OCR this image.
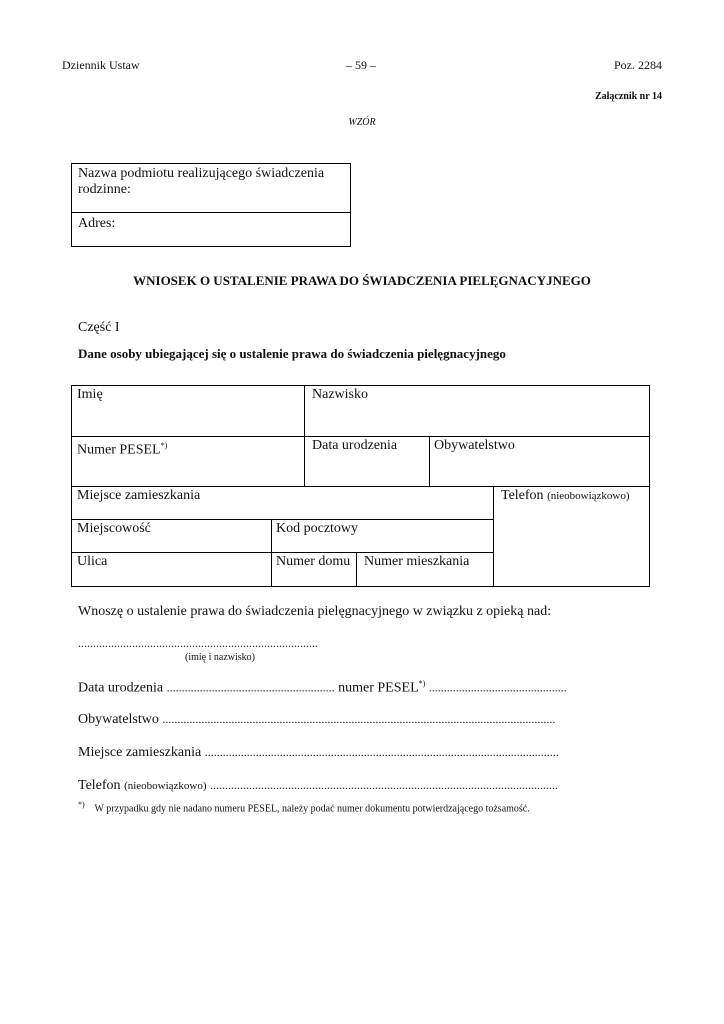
Dziennik Ustaw	– 59 –	Poz. 2284
Załącznik nr 14
WZÓR
Nazwa podmiotu realizującego świadczenia
rodzinne:
Adres:
WNIOSEK O USTALENIE PRAWA DO ŚWIADCZENIA PIELĘGNACYJNEGO
Część I
Dane osoby ubiegającej się o ustalenie prawa do świadczenia pielęgnacyjnego
Imię	Nazwisko
Numer PESEL*)	Data urodzenia	Obywatelstwo
Miejsce zamieszkania	Telefon (nieobowiązkowo)
Miejscowość	Kod pocztowy
Ulica	Numer domu Numer mieszkania
Wnoszę o ustalenie prawa do świadczenia pielęgnacyjnego w związku z opieką nad:
................................................................................
(imię i nazwisko)
Data urodzenia ........................................................ numer PESEL*) ..............................................
Obywatelstwo ...................................................................................................................................
Miejsce zamieszkania ......................................................................................................................
Telefon (nieobowiązkowo) ....................................................................................................................
*) W przypadku gdy nie nadano numeru PESEL, należy podać numer dokumentu potwierdzającego tożsamość.
